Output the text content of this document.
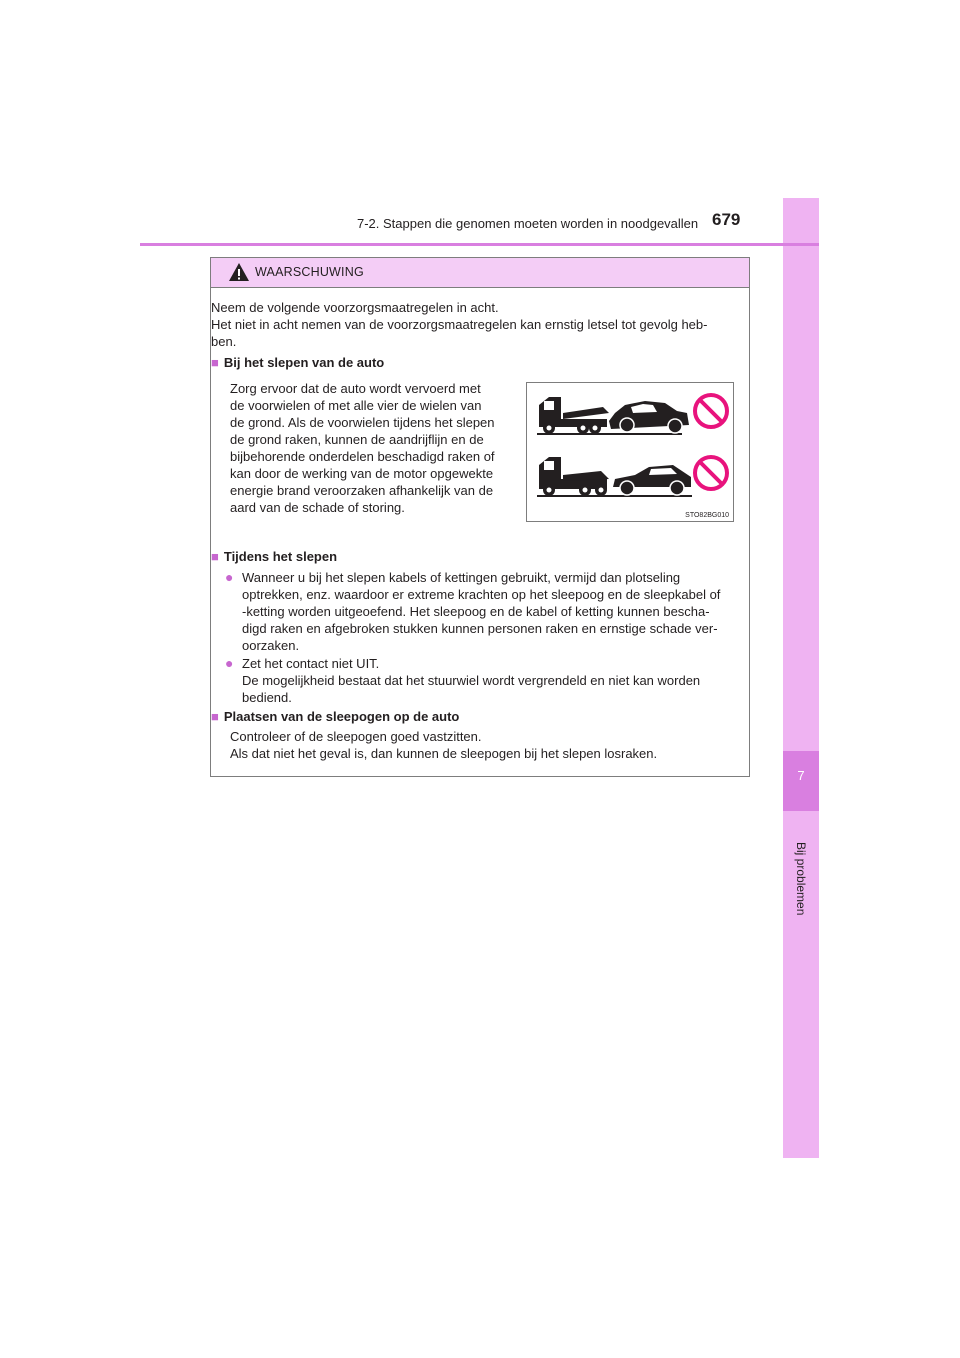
7
Bij problemen
7-2. Stappen die genomen moeten worden in noodgevallen 679
WAARSCHUWING
Neem de volgende voorzorgsmaatregelen in acht.
Het niet in acht nemen van de voorzorgsmaatregelen kan ernstig letsel tot gevolg heb-
ben.
■ Bij het slepen van de auto
Zorg ervoor dat de auto wordt vervoerd met
de voorwielen of met alle vier de wielen van
de grond. Als de voorwielen tijdens het slepen
de grond raken, kunnen de aandrijflijn en de
bijbehorende onderdelen beschadigd raken of
kan door de werking van de motor opgewekte
energie brand veroorzaken afhankelijk van de
aard van de schade of storing.
STO82BG010
■ Tijdens het slepen
● Wanneer u bij het slepen kabels of kettingen gebruikt, vermijd dan plotseling
optrekken, enz. waardoor er extreme krachten op het sleepoog en de sleepkabel of
-ketting worden uitgeoefend. Het sleepoog en de kabel of ketting kunnen bescha-
digd raken en afgebroken stukken kunnen personen raken en ernstige schade ver-
oorzaken.
● Zet het contact niet UIT.
De mogelijkheid bestaat dat het stuurwiel wordt vergrendeld en niet kan worden
bediend.
■ Plaatsen van de sleepogen op de auto
Controleer of de sleepogen goed vastzitten.
Als dat niet het geval is, dan kunnen de sleepogen bij het slepen losraken.
